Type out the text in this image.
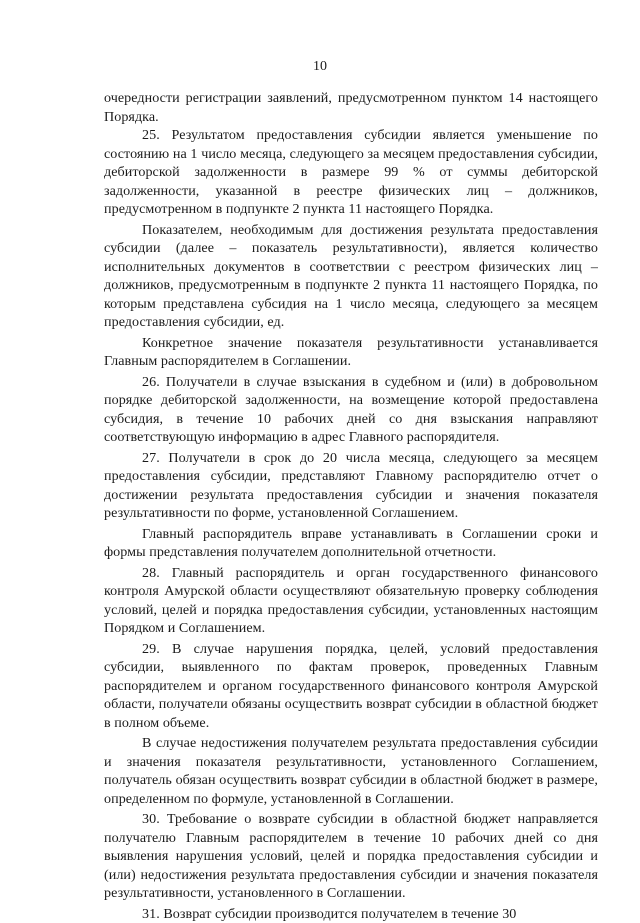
10

очередности регистрации заявлений, предусмотренном пунктом 14 настоящего Порядка.

25. Результатом предоставления субсидии является уменьшение по состоянию на 1 число месяца, следующего за месяцем предоставления субсидии, дебиторской задолженности в размере 99 % от суммы дебиторской задолженности, указанной в реестре физических лиц – должников, предусмотренном в подпункте 2 пункта 11 настоящего Порядка.

Показателем, необходимым для достижения результата предоставления субсидии (далее – показатель результативности), является количество исполнительных документов в соответствии с реестром физических лиц – должников, предусмотренным в подпункте 2 пункта 11 настоящего Порядка, по которым представлена субсидия на 1 число месяца, следующего за месяцем предоставления субсидии, ед.

Конкретное значение показателя результативности устанавливается Главным распорядителем в Соглашении.

26. Получатели в случае взыскания в судебном и (или) в добровольном порядке дебиторской задолженности, на возмещение которой предоставлена субсидия, в течение 10 рабочих дней со дня взыскания направляют соответствующую информацию в адрес Главного распорядителя.

27. Получатели в срок до 20 числа месяца, следующего за месяцем предоставления субсидии, представляют Главному распорядителю отчет о достижении результата предоставления субсидии и значения показателя результативности по форме, установленной Соглашением.

Главный распорядитель вправе устанавливать в Соглашении сроки и формы представления получателем дополнительной отчетности.

28. Главный распорядитель и орган государственного финансового контроля Амурской области осуществляют обязательную проверку соблюдения условий, целей и порядка предоставления субсидии, установленных настоящим Порядком и Соглашением.

29. В случае нарушения порядка, целей, условий предоставления субсидии, выявленного по фактам проверок, проведенных Главным распорядителем и органом государственного финансового контроля Амурской области, получатели обязаны осуществить возврат субсидии в областной бюджет в полном объеме.

В случае недостижения получателем результата предоставления субсидии и значения показателя результативности, установленного Соглашением, получатель обязан осуществить возврат субсидии в областной бюджет в размере, определенном по формуле, установленной в Соглашении.

30. Требование о возврате субсидии в областной бюджет направляется получателю Главным распорядителем в течение 10 рабочих дней со дня выявления нарушения условий, целей и порядка предоставления субсидии и (или) недостижения результата предоставления субсидии и значения показателя результативности, установленного в Соглашении.

31. Возврат субсидии производится получателем в течение 30
